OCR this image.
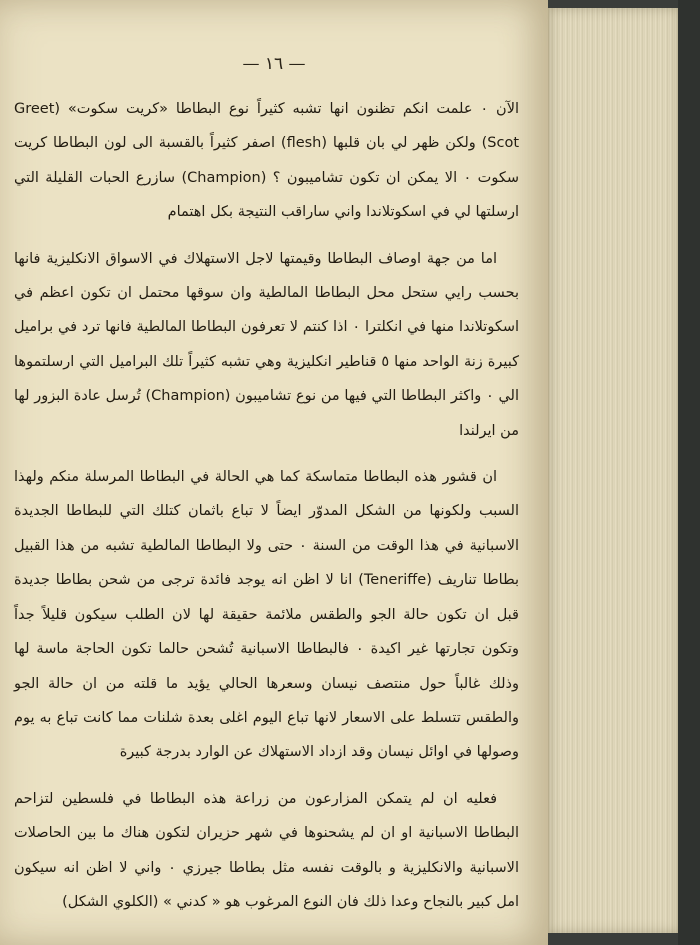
— ١٦ —

الآن ٠ علمت انكم تظنون انها تشبه كثيراً نوع البطاطا «كريت سكوت» (Greet Scot) ولكن ظهر لي بان قلبها (flesh) اصفر كثيراً بالقسبة الى لون البطاطا كريت سكوت ٠ الا يمكن ان تكون تشاميبون ؟ (Champion) سازرع الحبات القليلة التي ارسلتها لي في اسكوتلاندا واني ساراقب النتيجة بكل اهتمام

اما من جهة اوصاف البطاطا وقيمتها لاجل الاستهلاك في الاسواق الانكليزية فانها بحسب رايي ستحل محل البطاطا المالطية وان سوقها محتمل ان تكون اعظم في اسكوتلاندا منها في انكلترا ٠ اذا كنتم لا تعرفون البطاطا المالطية فانها ترد في براميل كبيرة زنة الواحد منها ٥ قناطير انكليزية وهي تشبه كثيراً تلك البراميل التي ارسلتموها الي ٠ واكثر البطاطا التي فيها من نوع تشاميبون (Champion) تُرسل عادة البزور لها من ايرلندا

ان قشور هذه البطاطا متماسكة كما هي الحالة في البطاطا المرسلة منكم ولهذا السبب ولكونها من الشكل المدوّر ايضاً لا تباع باثمان كتلك التي للبطاطا الجديدة الاسبانية في هذا الوقت من السنة ٠ حتى ولا البطاطا المالطية تشبه من هذا القبيل بطاطا تناريف (Teneriffe) انا لا اظن انه يوجد فائدة ترجى من شحن بطاطا جديدة قبل ان تكون حالة الجو والطقس ملائمة حقيقة لها لان الطلب سيكون قليلاً جداً وتكون تجارتها غير اكيدة ٠ فالبطاطا الاسبانية تُشحن حالما تكون الحاجة ماسة لها وذلك غالباً حول منتصف نيسان وسعرها الحالي يؤيد ما قلته من ان حالة الجو والطقس تتسلط على الاسعار لانها تباع اليوم اغلى بعدة شلنات مما كانت تباع به يوم وصولها في اوائل نيسان وقد ازداد الاستهلاك عن الوارد بدرجة كبيرة

فعليه ان لم يتمكن المزارعون من زراعة هذه البطاطا في فلسطين لتزاحم البطاطا الاسبانية او ان لم يشحنوها في شهر حزيران لتكون هناك ما بين الحاصلات الاسبانية والانكليزية و بالوقت نفسه مثل بطاطا جيرزي ٠ واني لا اظن انه سيكون امل كبير بالنجاح وعدا ذلك فان النوع المرغوب هو « كدني » (الكلوي الشكل)
